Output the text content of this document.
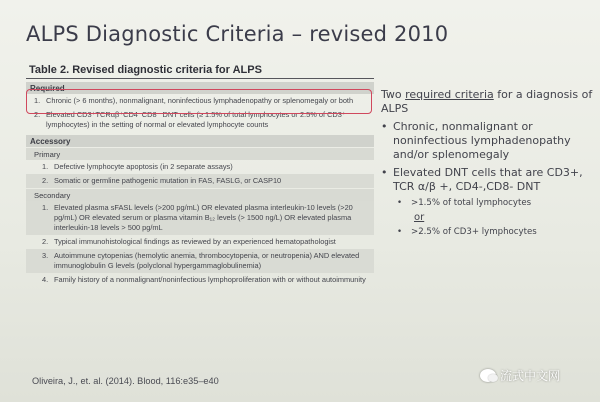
ALPS Diagnostic Criteria – revised 2010
Table 2. Revised diagnostic criteria for ALPS
Required
1. Chronic (> 6 months), nonmalignant, noninfectious lymphadenopathy or splenomegaly or both
2. Elevated CD3⁺TCRαβ⁺CD4⁻CD8⁻ DNT cells (≥ 1.5% of total lymphocytes or 2.5% of CD3⁺ lymphocytes) in the setting of normal or elevated lymphocyte counts
Accessory
Primary
1. Defective lymphocyte apoptosis (in 2 separate assays)
2. Somatic or germline pathogenic mutation in FAS, FASLG, or CASP10
Secondary
1. Elevated plasma sFASL levels (>200 pg/mL) OR elevated plasma interleukin-10 levels (>20 pg/mL) OR elevated serum or plasma vitamin B₁₂ levels (> 1500 ng/L) OR elevated plasma interleukin-18 levels > 500 pg/mL
2. Typical immunohistological findings as reviewed by an experienced hematopathologist
3. Autoimmune cytopenias (hemolytic anemia, thrombocytopenia, or neutropenia) AND elevated immunoglobulin G levels (polyclonal hypergammaglobulinemia)
4. Family history of a nonmalignant/noninfectious lymphoproliferation with or without autoimmunity
Oliveira, J., et. al. (2014). Blood, 116:e35–e40
Two required criteria for a diagnosis of ALPS
• Chronic, nonmalignant or noninfectious lymphadenopathy and/or splenomegaly
• Elevated DNT cells that are CD3+, TCR α/β +, CD4-,CD8- DNT
•	>1.5% of total lymphocytes
or
•	>2.5% of CD3+ lymphocytes
流式中文网
